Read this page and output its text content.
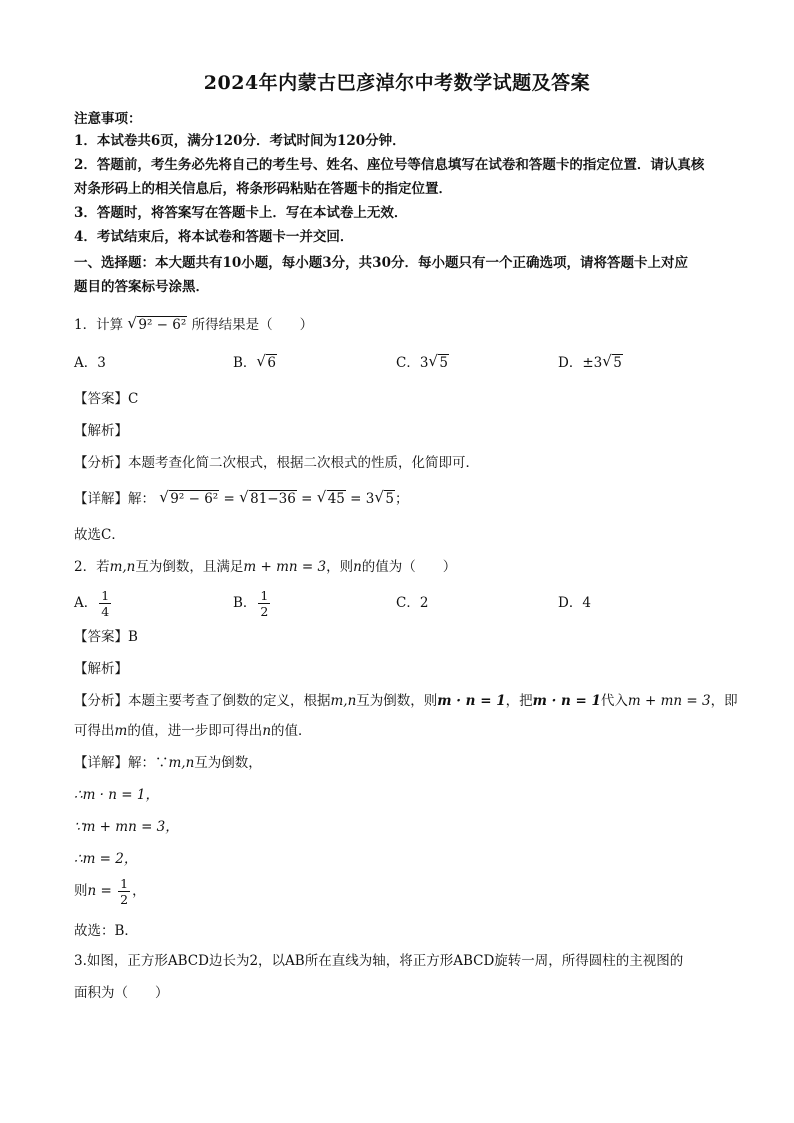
2024年内蒙古巴彦淖尔中考数学试题及答案
注意事项：
1．本试卷共6页，满分120分．考试时间为120分钟．
2．答题前，考生务必先将自己的考生号、姓名、座位号等信息填写在试卷和答题卡的指定位置．请认真核
对条形码上的相关信息后，将条形码粘贴在答题卡的指定位置．
3．答题时，将答案写在答题卡上．写在本试卷上无效．
4．考试结束后，将本试卷和答题卡一并交回．
一、选择题：本大题共有10小题，每小题3分，共30分．每小题只有一个正确选项，请将答题卡上对应
题目的答案标号涂黑．
1．计算 √ 9² − 6² 所得结果是（　　）
A．3	B． √ 6	C．3 √ 5	D．±3 √ 5
【答案】C
【解析】
【分析】本题考查化简二次根式，根据二次根式的性质，化简即可．
【详解】解： √ 9² − 6² = √ 81−36 = √ 45 = 3 √ 5；
故选C．
2．若m,n互为倒数，且满足m + mn = 3，则n的值为（　　）
A． $\frac{1}{4}$	B． $\frac{1}{2}$	C．2	D．4
【答案】B
【解析】
【分析】本题主要考查了倒数的定义，根据m,n互为倒数，则m · n = 1，把m · n = 1代入m + mn = 3，即
可得出m的值，进一步即可得出n的值．
【详解】解：∵m,n互为倒数，
∴m · n = 1，
∵m + mn = 3，
∴m = 2，
则$n = \frac{1}{2}$ ，
故选：B．
3.如图，正方形ABCD边长为2，以AB所在直线为轴，将正方形ABCD旋转一周，所得圆柱的主视图的
面积为（　　）
